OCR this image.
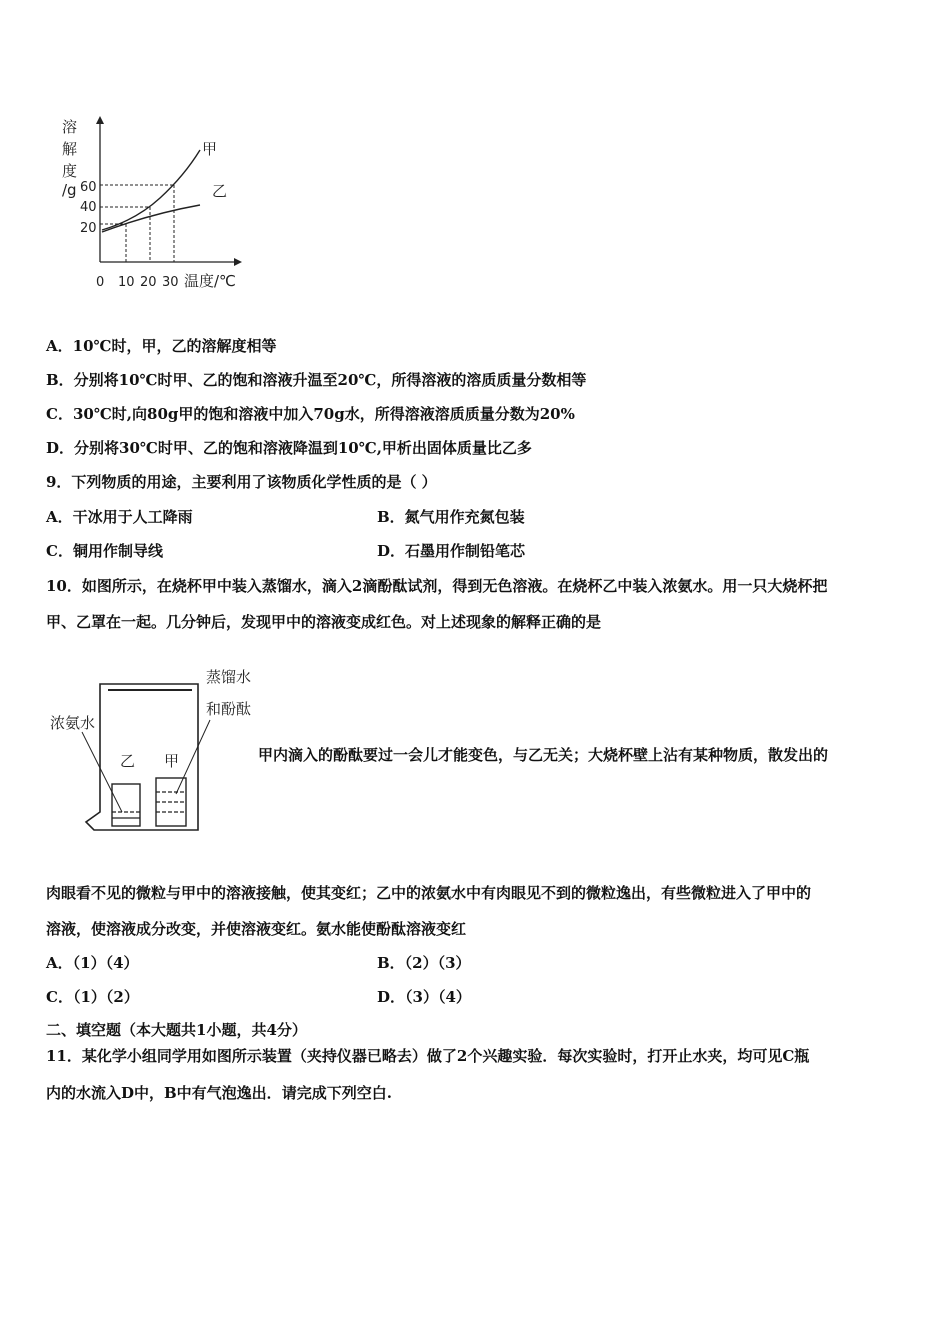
溶
解
度
/g 60
40
20
0 10 20 30 温度/℃
甲
乙
A．10℃时，甲，乙的溶解度相等
B．分别将10℃时甲、乙的饱和溶液升温至20℃，所得溶液的溶质质量分数相等
C．30℃时,向80g甲的饱和溶液中加入70g水，所得溶液溶质质量分数为20%
D．分别将30℃时甲、乙的饱和溶液降温到10℃,甲析出固体质量比乙多
9．下列物质的用途，主要利用了该物质化学性质的是（ ）
A．干冰用于人工降雨	B．氮气用作充氮包装
C．铜用作制导线	D．石墨用作制铅笔芯
10．如图所示，在烧杯甲中装入蒸馏水，滴入2滴酚酞试剂，得到无色溶液。在烧杯乙中装入浓氨水。用一只大烧杯把
甲、乙罩在一起。几分钟后，发现甲中的溶液变成红色。对上述现象的解释正确的是
浓氨水
蒸馏水
和酚酞
乙 甲	甲内滴入的酚酞要过一会儿才能变色，与乙无关；大烧杯壁上沾有某种物质，散发出的
肉眼看不见的微粒与甲中的溶液接触，使其变红；乙中的浓氨水中有肉眼见不到的微粒逸出，有些微粒进入了甲中的
溶液，使溶液成分改变，并使溶液变红。氨水能使酚酞溶液变红
A．（1）（4）	B．（2）（3）
C．（1）（2）	D．（3）（4）
二、填空题（本大题共1小题，共4分）
11．某化学小组同学用如图所示装置（夹持仪器已略去）做了2个兴趣实验．每次实验时，打开止水夹，均可见C瓶
内的水流入D中，B中有气泡逸出．请完成下列空白.
